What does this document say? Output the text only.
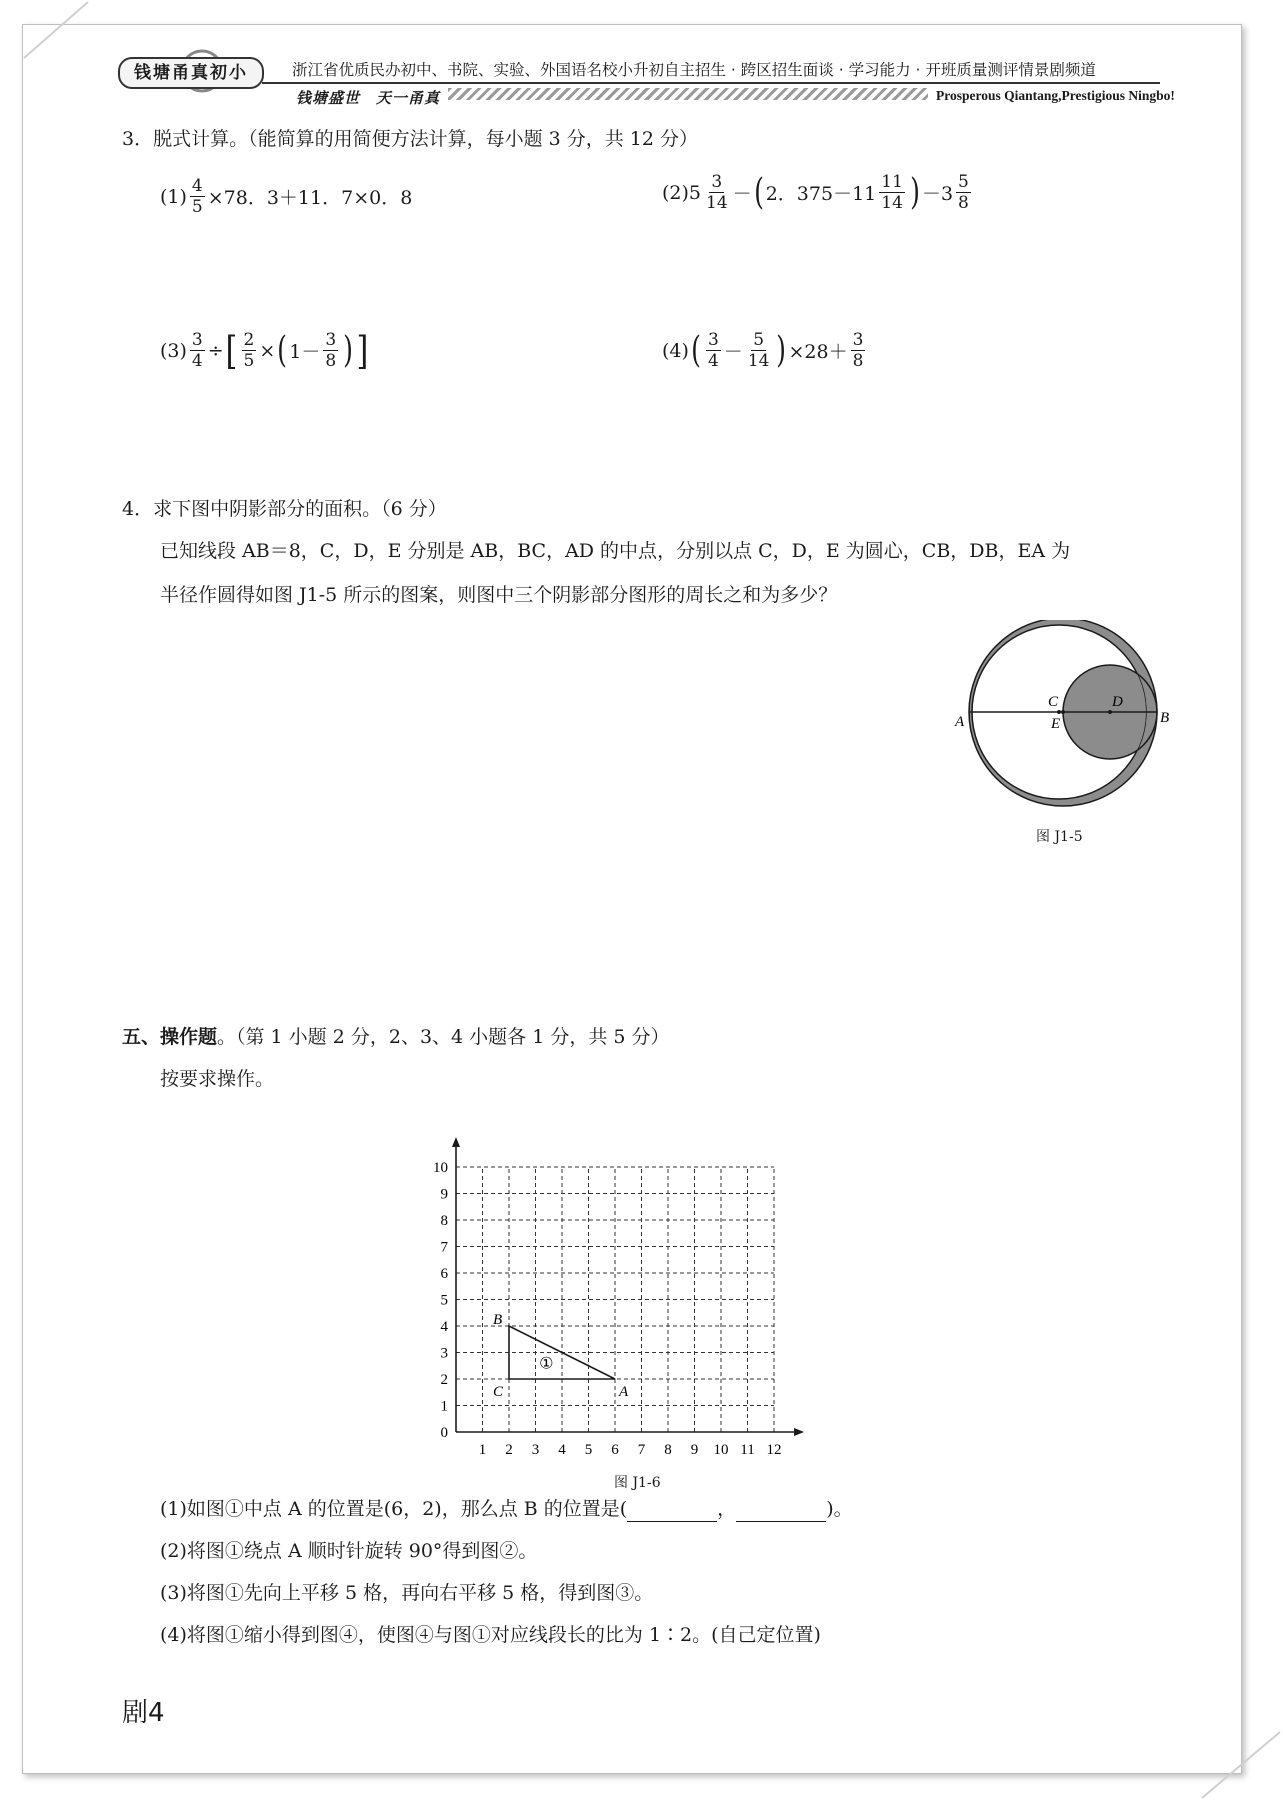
钱塘甬真初小	浙江省优质民办初中、书院、实验、外国语名校小升初自主招生 · 跨区招生面谈 · 学习能力 · 开班质量测评情景剧频道
钱塘盛世　天一甬真	Prosperous Qiantang,Prestigious Ningbo!
3．脱式计算。（能简算的用简便方法计算，每小题 3 分，共 12 分）
$(1) \frac{4}{5} \times 78$．3＋11．7×0．8	(2) $5 \frac{3}{14}$ － ( 2．$375-11 \frac{11}{14}$ ) $-3 \frac{5}{8}$
$(3) \frac{3}{4}$ ÷ [ $\frac{2}{5}$ × ( $1- \frac{3}{8}$ ) ]	(4) ( $\frac{3}{4} - \frac{5}{14}$ ) $\times 28+ \frac{3}{8}$
4．求下图中阴影部分的面积。（6 分）
已知线段 AB＝8，C，D，E 分别是 AB，BC，AD 的中点，分别以点 C，D，E 为圆心，CB，DB，EA 为
半径作圆得如图 J1-5 所示的图案，则图中三个阴影部分图形的周长之和为多少？
A	B
C	D
E
图 J1-5
五、操作题。（第 1 小题 2 分，2、3、4 小题各 1 分，共 5 分）
按要求操作。
1 2 3 4 5 6 7 8 9 10 11 12
0
1
2
3
4
5
6
7
8
9
10
A
B
C
①
图 J1-6
(1)如图①中点 A 的位置是(6，2)，那么点 B 的位置是(	，	)。
(2)将图①绕点 A 顺时针旋转 90°得到图②。
(3)将图①先向上平移 5 格，再向右平移 5 格，得到图③。
(4)将图①缩小得到图④，使图④与图①对应线段长的比为 1∶2。(自己定位置)
剧4
